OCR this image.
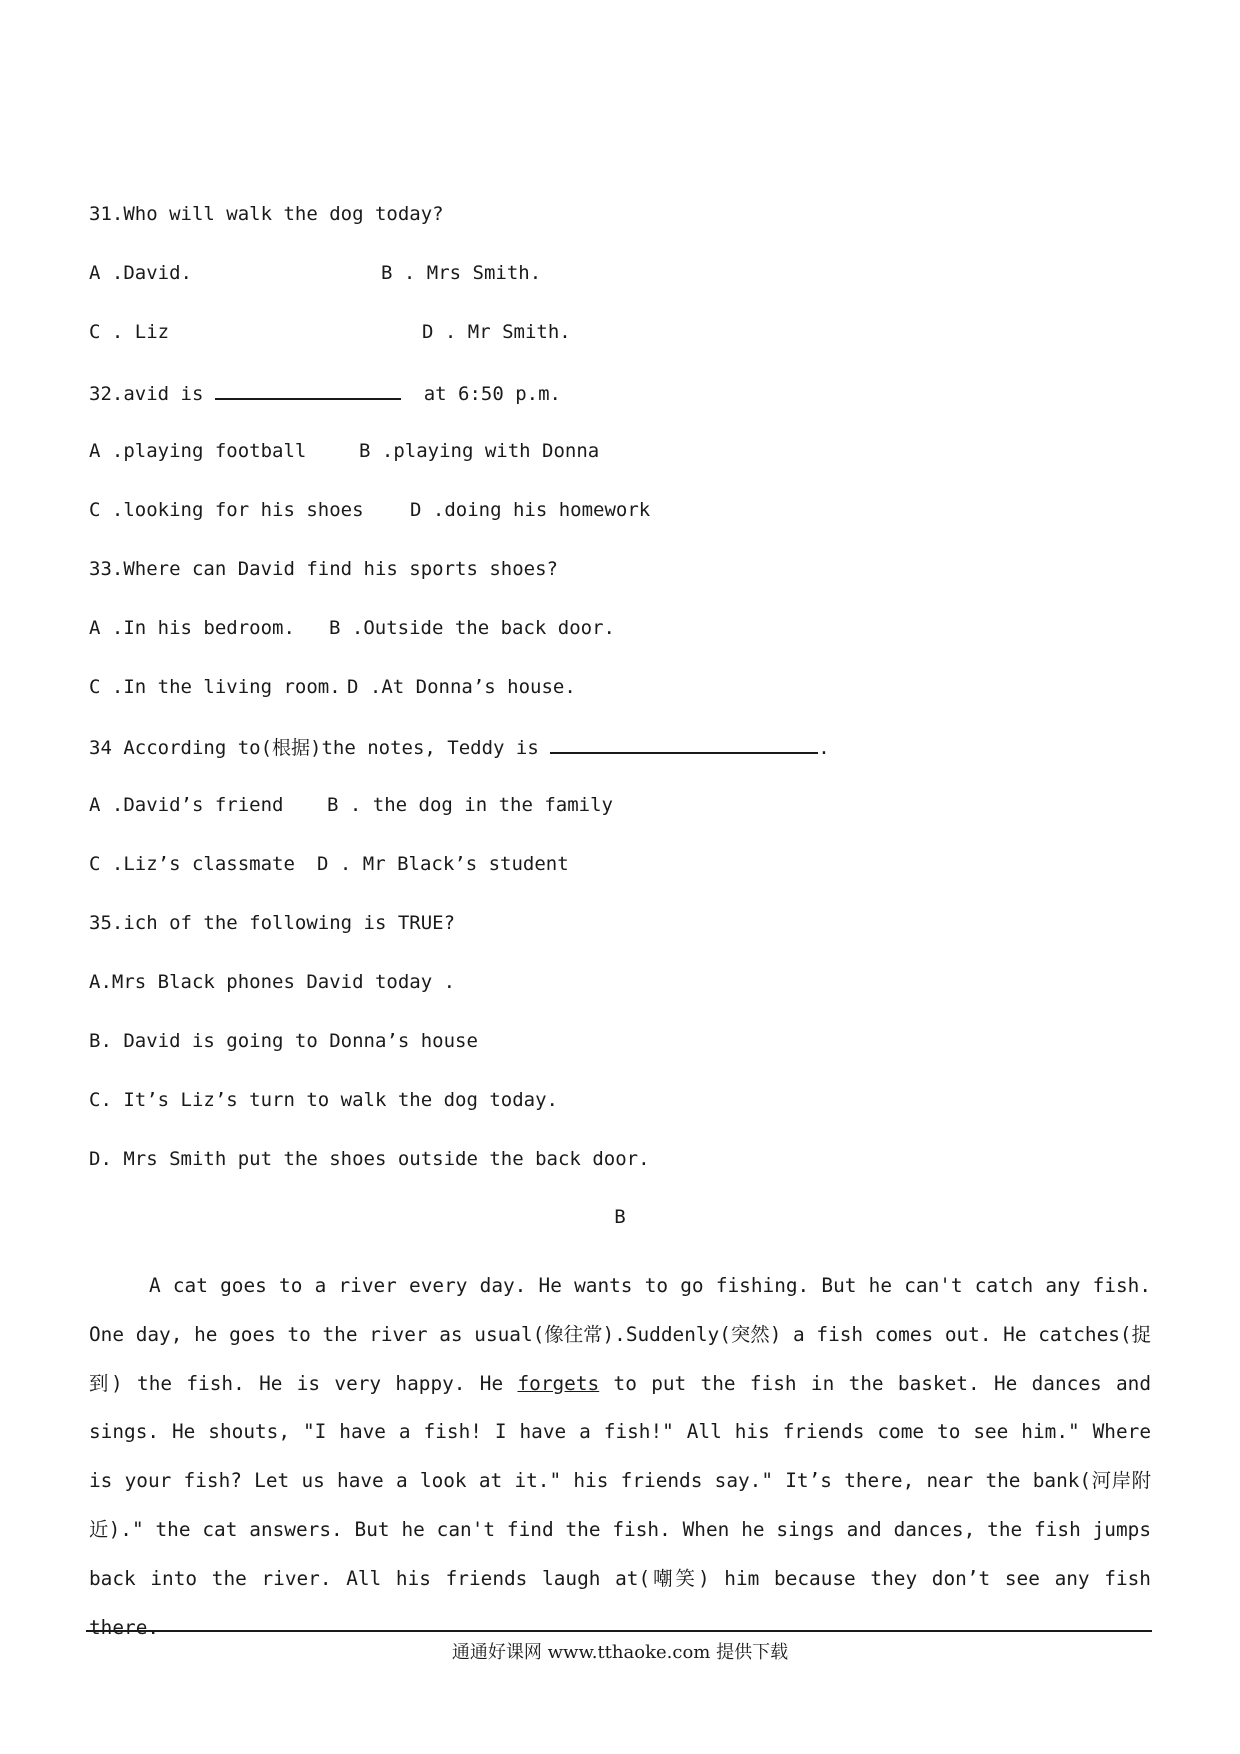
31.Who will walk the dog today?

A .David.

	B . Mrs Smith.

C . Liz

	D . Mr Smith.

32.avid is	at 6:50 p.m.

A .playing football

	B .playing with Donna

C .looking for his shoes

D .doing his homework

33.Where can David find his sports shoes?

A .In his bedroom.

B .Outside the back door.

C .In the living room.

D .At Donna’s house.

34 According to(根据)the notes, Teddy is	.

A .David’s friend

B . the dog in the family

C .Liz’s classmate

D . Mr Black’s student

35.ich of the following is TRUE?
A.Mrs Black phones David today .
B. David is going to Donna’s house
C. It’s Liz’s turn to walk the dog today.
D. Mrs Smith put the shoes outside the back door.
B

A cat goes to a river every day. He wants to go fishing. But he can't catch any fish. One day, he goes to the river as usual(像往常).Suddenly(突然) a fish comes out. He catches(捉到) the fish. He is very happy. He forgets to put the fish in the basket. He dances and sings. He shouts, "I have a fish! I have a fish!" All his friends come to see him." Where is your fish? Let us have a look at it." his friends say." It’s there, near the bank(河岸附近)." the cat answers. But he can't find the fish. When he sings and dances, the fish jumps back into the river. All his friends laugh at(嘲笑) him because they don’t see any fish there.

通通好课网 www.tthaoke.com 提供下载
